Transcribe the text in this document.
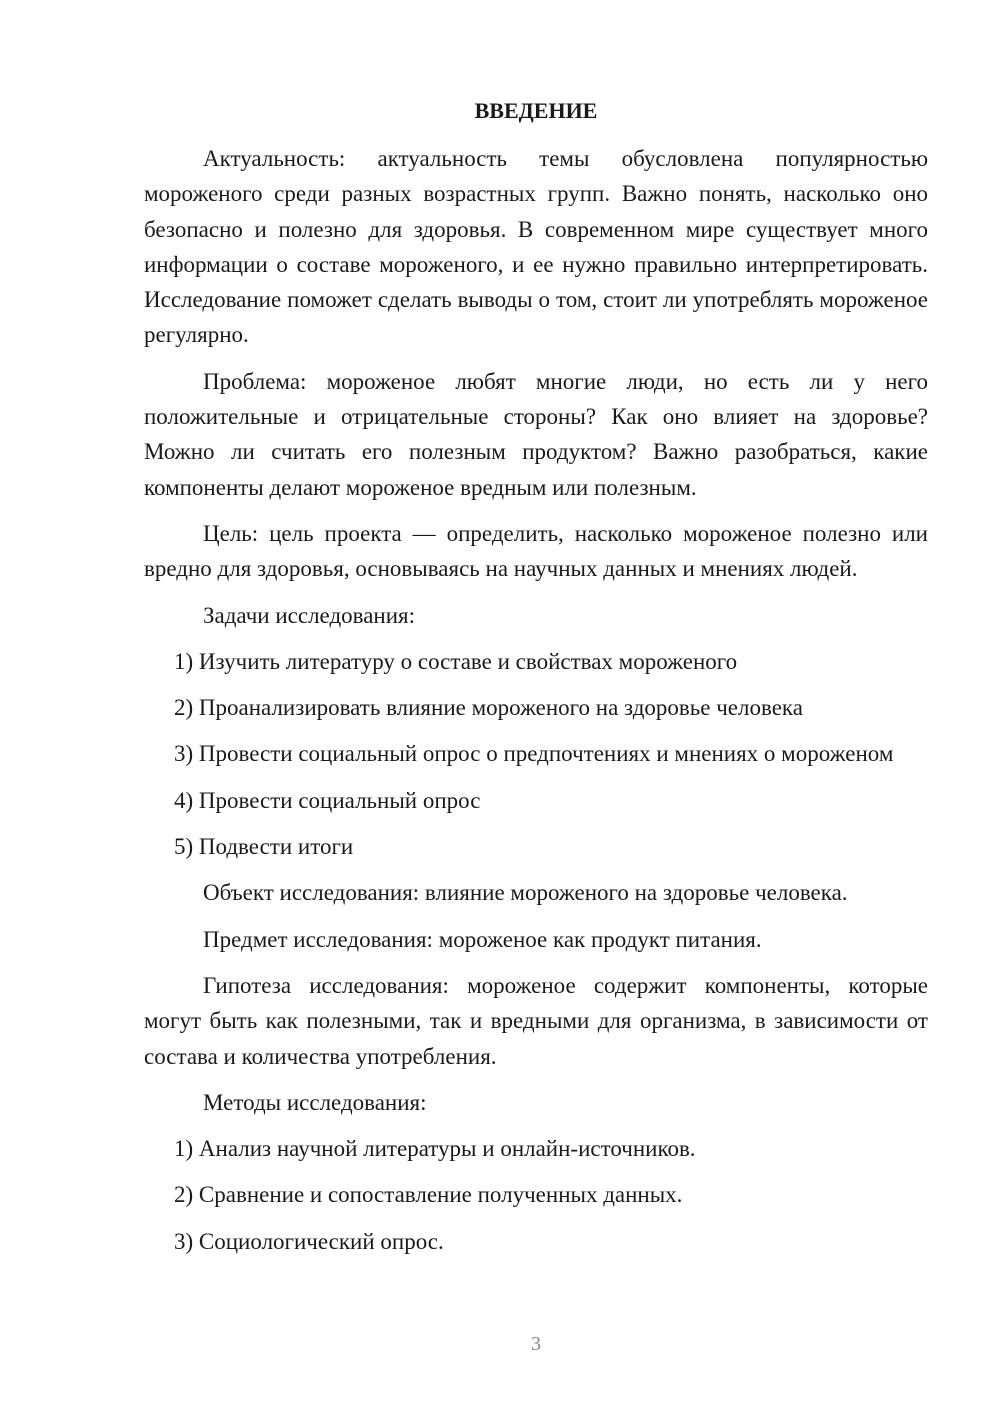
ВВЕДЕНИЕ

Актуальность: актуальность темы обусловлена популярностью мороженого среди разных возрастных групп. Важно понять, насколько оно безопасно и полезно для здоровья. В современном мире существует много информации о составе мороженого, и ее нужно правильно интерпретировать. Исследование поможет сделать выводы о том, стоит ли употреблять мороженое регулярно.

Проблема: мороженое любят многие люди, но есть ли у него положительные и отрицательные стороны? Как оно влияет на здоровье? Можно ли считать его полезным продуктом? Важно разобраться, какие компоненты делают мороженое вредным или полезным.

Цель: цель проекта — определить, насколько мороженое полезно или вредно для здоровья, основываясь на научных данных и мнениях людей.

Задачи исследования:

1) Изучить литературу о составе и свойствах мороженого

2) Проанализировать влияние мороженого на здоровье человека

3) Провести социальный опрос о предпочтениях и мнениях о мороженом

4) Провести социальный опрос

5) Подвести итоги

Объект исследования: влияние мороженого на здоровье человека.

Предмет исследования: мороженое как продукт питания.

Гипотеза исследования: мороженое содержит компоненты, которые могут быть как полезными, так и вредными для организма, в зависимости от состава и количества употребления.

Методы исследования:

1) Анализ научной литературы и онлайн-источников.

2) Сравнение и сопоставление полученных данных.

3) Социологический опрос.

3
